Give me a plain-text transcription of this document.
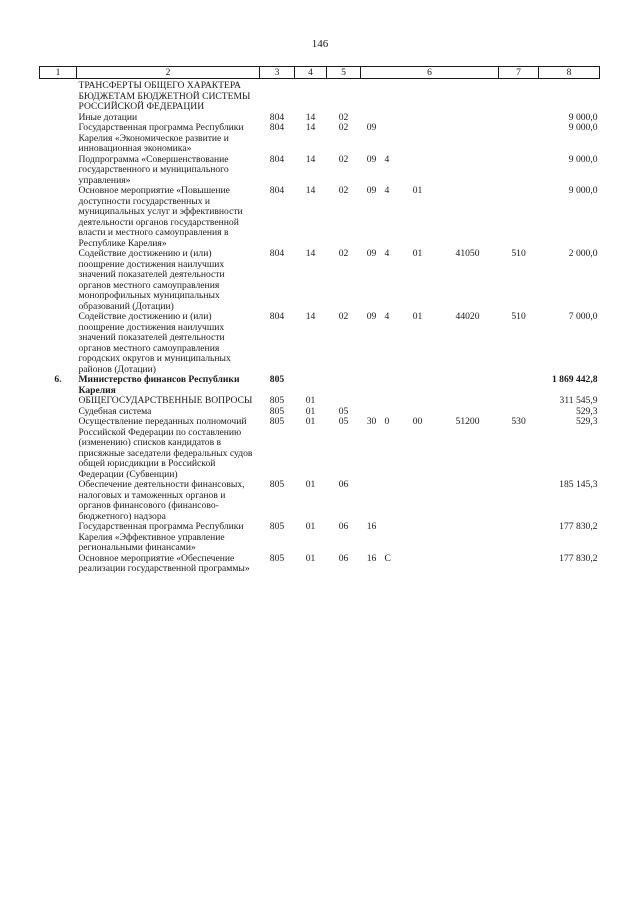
146
1	2	3	4	5	6				7	8
	ТРАНСФЕРТЫ ОБЩЕГО ХАРАКТЕРА БЮДЖЕТАМ БЮДЖЕТНОЙ СИСТЕМЫ РОССИЙСКОЙ ФЕДЕРАЦИИ									
	Иные дотации	804	14	02						9 000,0
	Государственная программа Республики Карелия «Экономическое развитие и инновационная экономика»	804	14	02	09					9 000,0
	Подпрограмма «Совершенствование государственного и муниципального управления»	804	14	02	09	4				9 000,0
	Основное мероприятие «Повышение доступности государственных и муниципальных услуг и эффективности деятельности органов государственной власти и местного самоуправления в Республике Карелия»	804	14	02	09	4	01			9 000,0
	Содействие достижению и (или) поощрение достижения наилучших значений показателей деятельности органов местного самоуправления монопрофильных муниципальных образований (Дотации)	804	14	02	09	4	01	41050	510	2 000,0
	Содействие достижению и (или) поощрение достижения наилучших значений показателей деятельности органов местного самоуправления городских округов и муниципальных районов (Дотации)	804	14	02	09	4	01	44020	510	7 000,0
6.	Министерство финансов Республики Карелия	805								1 869 442,8
	ОБЩЕГОСУДАРСТВЕННЫЕ ВОПРОСЫ	805	01							311 545,9
	Судебная система	805	01	05						529,3
	Осуществление переданных полномочий Российской Федерации по составлению (изменению) списков кандидатов в присяжные заседатели федеральных судов общей юрисдикции в Российской Федерации (Субвенции)	805	01	05	30	0	00	51200	530	529,3
	Обеспечение деятельности финансовых, налоговых и таможенных органов и органов финансового (финансово-бюджетного) надзора	805	01	06						185 145,3
	Государственная программа Республики Карелия «Эффективное управление региональными финансами»	805	01	06	16					177 830,2
	Основное мероприятие «Обеспечение реализации государственной программы»	805	01	06	16	С				177 830,2
